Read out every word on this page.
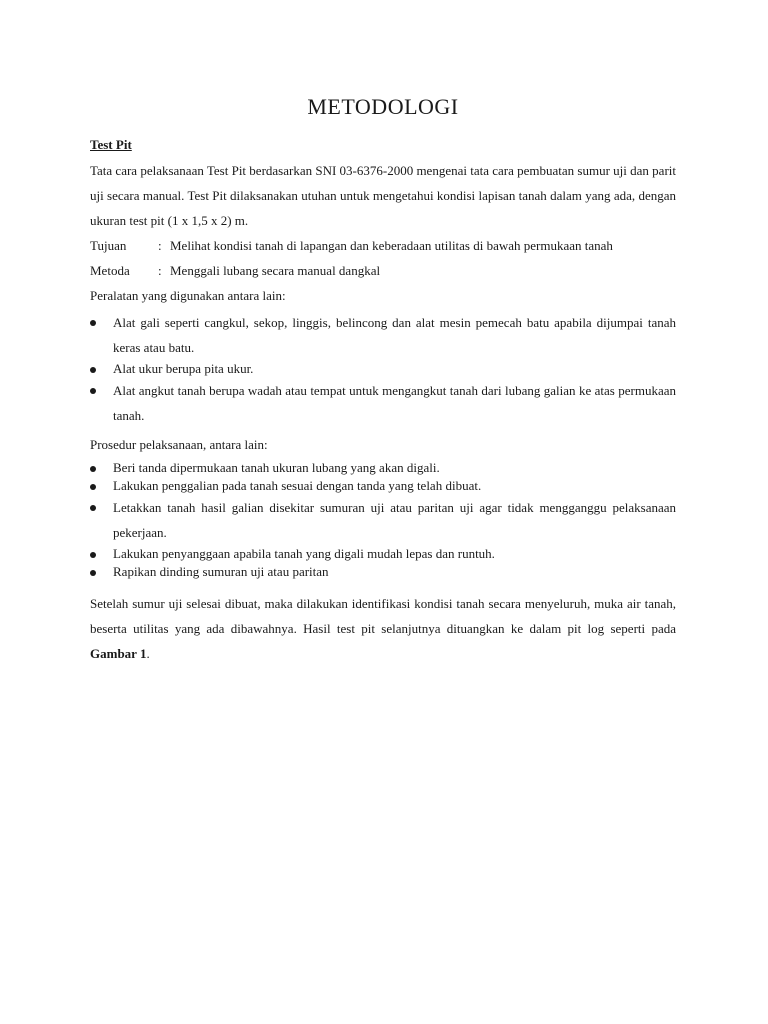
METODOLOGI
Test Pit

Tata cara pelaksanaan Test Pit berdasarkan SNI 03-6376-2000 mengenai tata cara pembuatan sumur uji dan parit uji secara manual. Test Pit dilaksanakan utuhan untuk mengetahui kondisi lapisan tanah dalam yang ada, dengan ukuran test pit (1 x 1,5 x 2) m.

Tujuan	: Melihat kondisi tanah di lapangan dan keberadaan utilitas di bawah permukaan tanah
Metoda	: Menggali lubang secara manual dangkal

Peralatan yang digunakan antara lain:

Alat gali seperti cangkul, sekop, linggis, belincong dan alat mesin pemecah batu apabila dijumpai tanah keras atau batu.
Alat ukur berupa pita ukur.
Alat angkut tanah berupa wadah atau tempat untuk mengangkut tanah dari lubang galian ke atas permukaan tanah.

Prosedur pelaksanaan, antara lain:

Beri tanda dipermukaan tanah ukuran lubang yang akan digali.
Lakukan penggalian pada tanah sesuai dengan tanda yang telah dibuat.
Letakkan tanah hasil galian disekitar sumuran uji atau paritan uji agar tidak mengganggu pelaksanaan pekerjaan.
Lakukan penyanggaan apabila tanah yang digali mudah lepas dan runtuh.
Rapikan dinding sumuran uji atau paritan

Setelah sumur uji selesai dibuat, maka dilakukan identifikasi kondisi tanah secara menyeluruh, muka air tanah, beserta utilitas yang ada dibawahnya. Hasil test pit selanjutnya dituangkan ke dalam pit log seperti pada Gambar 1.
